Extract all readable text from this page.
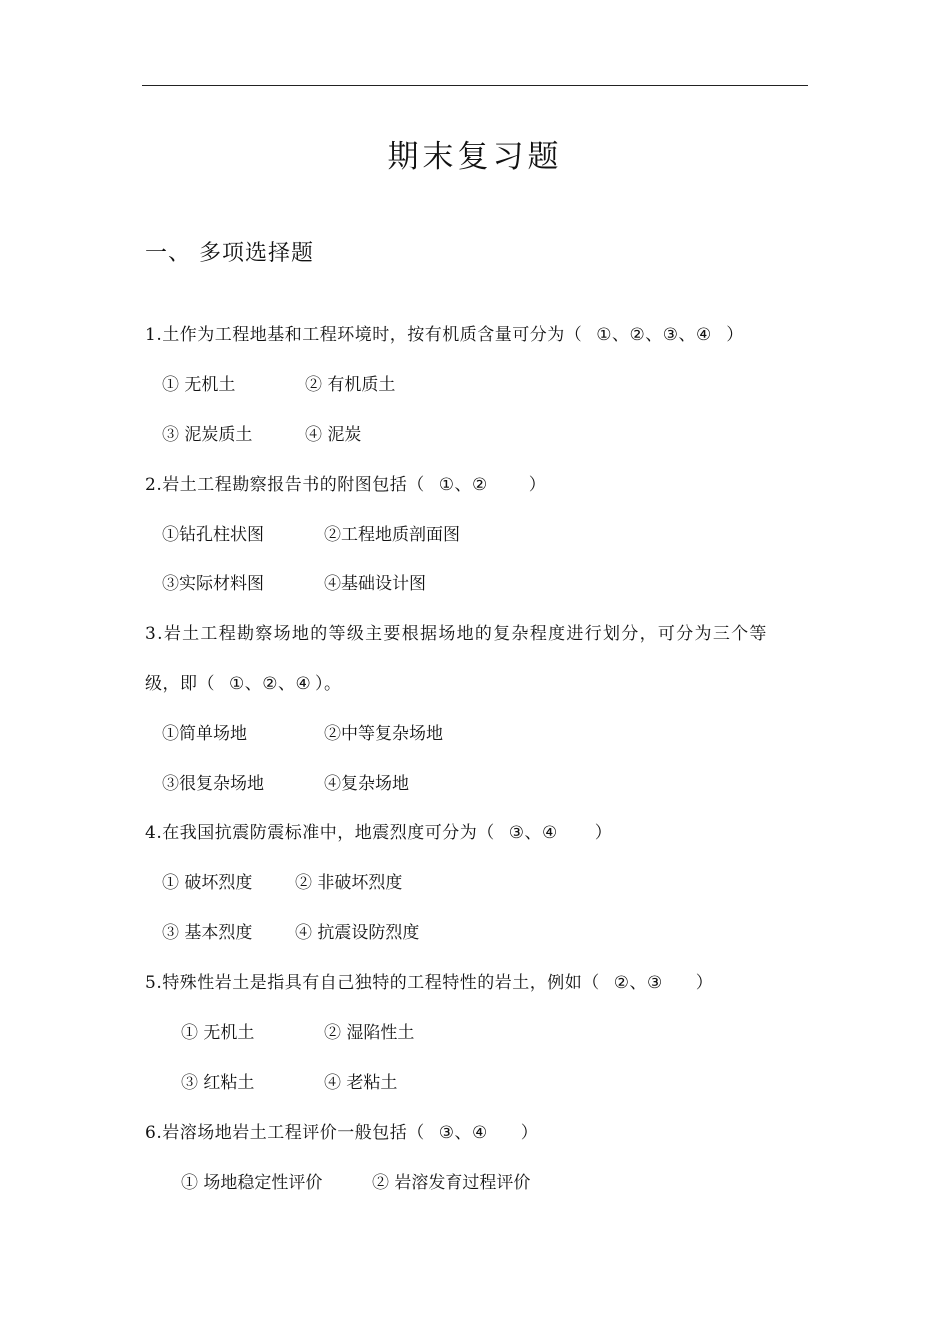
期末复习题
一、 多项选择题
1.土作为工程地基和工程环境时，按有机质含量可分为（ ①、②、③、④ ）
① 无机土	② 有机质土
③ 泥炭质土	④ 泥炭
2.岩土工程勘察报告书的附图包括（ ①、② ）
①钻孔柱状图	②工程地质剖面图
③实际材料图	④基础设计图
3.岩土工程勘察场地的等级主要根据场地的复杂程度进行划分，可分为三个等
级，即（ ①、②、④ ）。
①简单场地	②中等复杂场地
③很复杂场地	④复杂场地
4.在我国抗震防震标准中，地震烈度可分为（ ③、④ ）
① 破坏烈度	② 非破坏烈度
③ 基本烈度	④ 抗震设防烈度
5.特殊性岩土是指具有自己独特的工程特性的岩土，例如（ ②、③ ）
① 无机土	② 湿陷性土
③ 红粘土	④ 老粘土
6.岩溶场地岩土工程评价一般包括（ ③、④ ）
① 场地稳定性评价	② 岩溶发育过程评价
